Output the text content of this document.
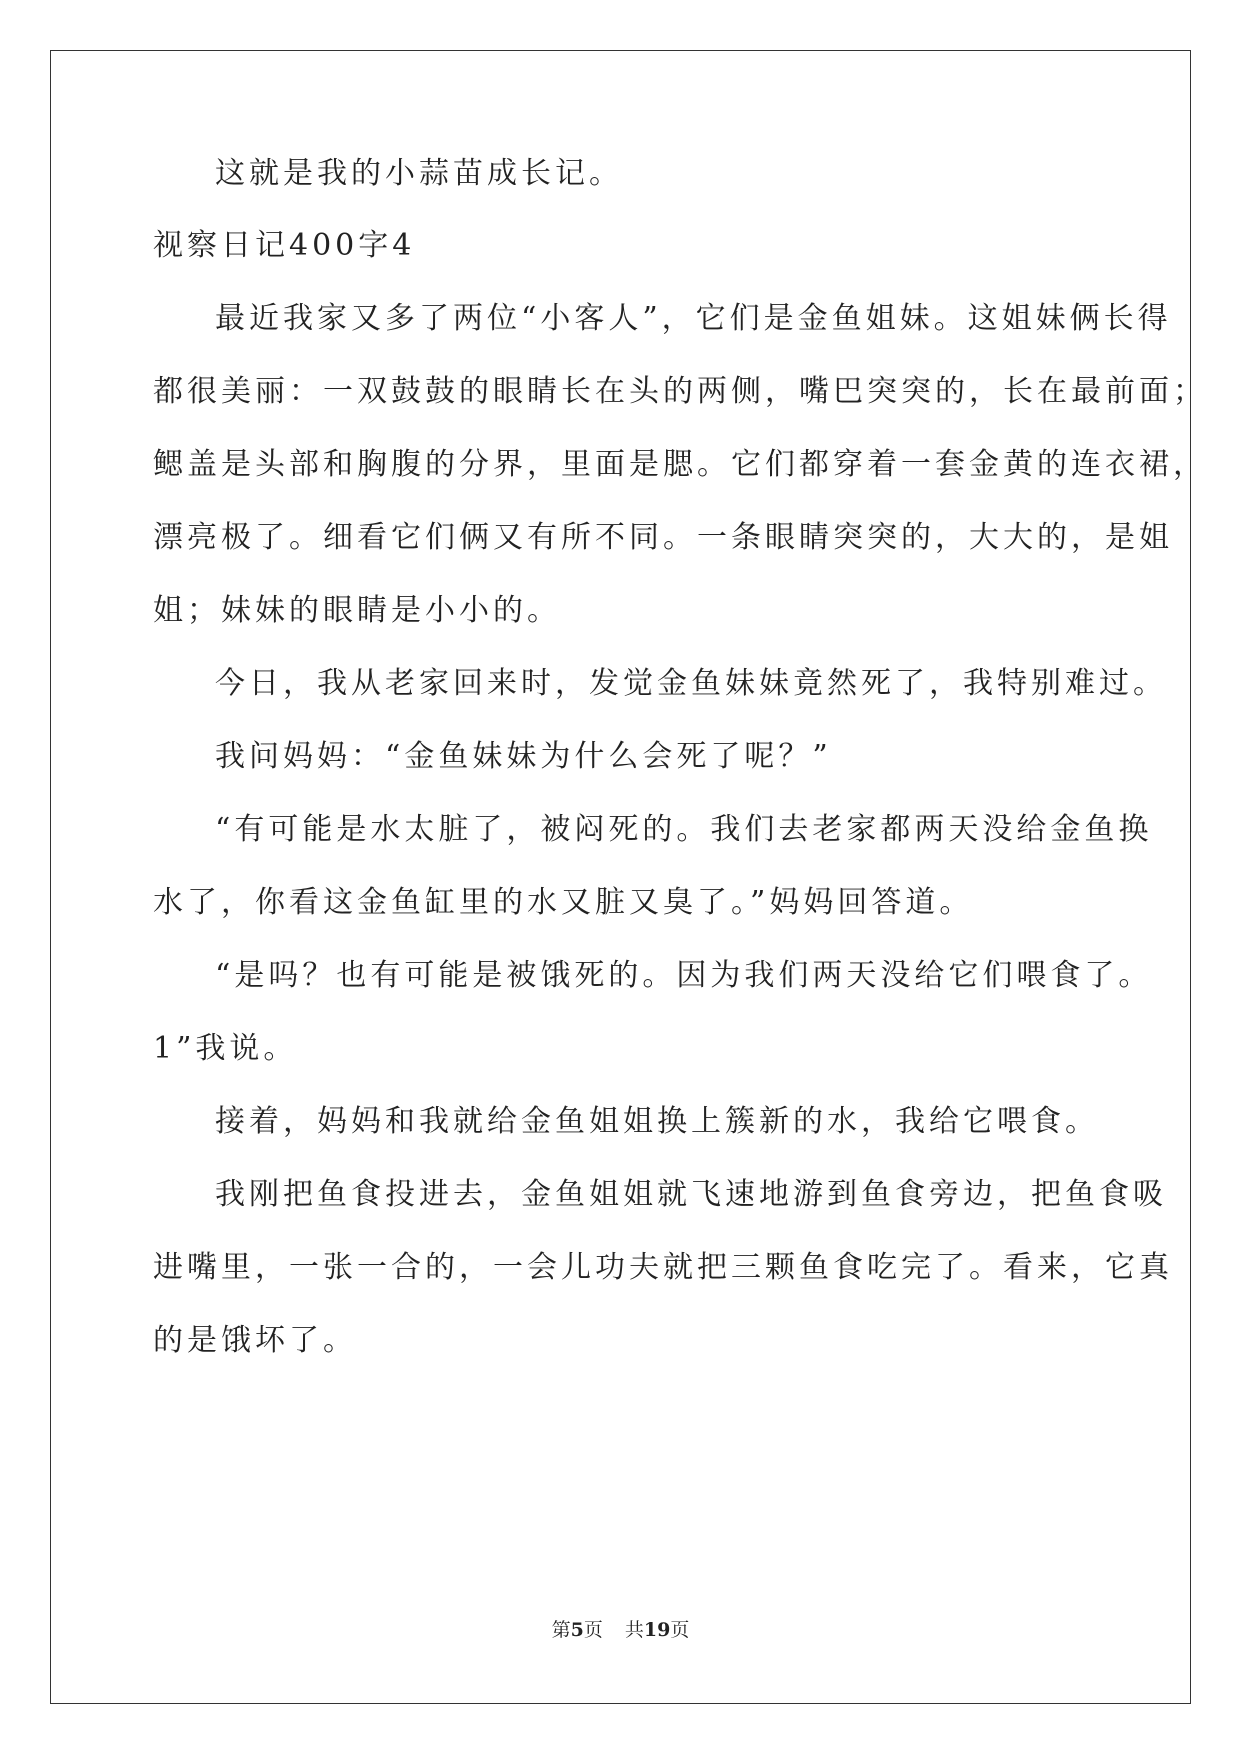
这就是我的小蒜苗成长记。
视察日记400字4
最近我家又多了两位“小客人”，它们是金鱼姐妹。这姐妹俩长得
都很美丽：一双鼓鼓的眼睛长在头的两侧，嘴巴突突的，长在最前面；
鳃盖是头部和胸腹的分界，里面是腮。它们都穿着一套金黄的连衣裙，
漂亮极了。细看它们俩又有所不同。一条眼睛突突的，大大的，是姐
姐；妹妹的眼睛是小小的。
今日，我从老家回来时，发觉金鱼妹妹竟然死了，我特别难过。
我问妈妈：“金鱼妹妹为什么会死了呢？”
“有可能是水太脏了，被闷死的。我们去老家都两天没给金鱼换
水了，你看这金鱼缸里的水又脏又臭了。”妈妈回答道。
“是吗？也有可能是被饿死的。因为我们两天没给它们喂食了。
1”我说。
接着，妈妈和我就给金鱼姐姐换上簇新的水，我给它喂食。
我刚把鱼食投进去，金鱼姐姐就飞速地游到鱼食旁边，把鱼食吸
进嘴里，一张一合的，一会儿功夫就把三颗鱼食吃完了。看来，它真
的是饿坏了。
第5页 共19页
